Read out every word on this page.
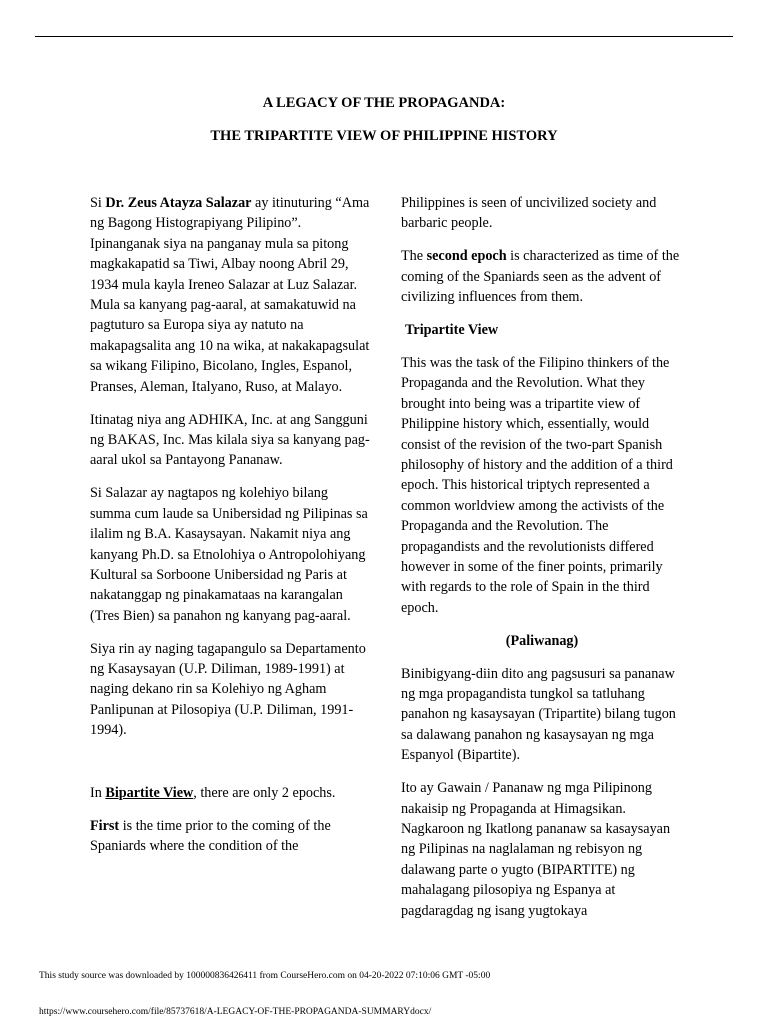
A LEGACY OF THE PROPAGANDA:
THE TRIPARTITE VIEW OF PHILIPPINE HISTORY

Si Dr. Zeus Atayza Salazar ay itinuturing “Ama ng Bagong Histograpiyang Pilipino”. Ipinanganak siya na panganay mula sa pitong magkakapatid sa Tiwi, Albay noong Abril 29, 1934 mula kayla Ireneo Salazar at Luz Salazar. Mula sa kanyang pag-aaral, at samakatuwid na pagtuturo sa Europa siya ay natuto na makapagsalita ang 10 na wika, at nakakapagsulat sa wikang Filipino, Bicolano, Ingles, Espanol, Pranses, Aleman, Italyano, Ruso, at Malayo.

Itinatag niya ang ADHIKA, Inc. at ang Sangguni ng BAKAS, Inc. Mas kilala siya sa kanyang pag-aaral ukol sa Pantayong Pananaw.

Si Salazar ay nagtapos ng kolehiyo bilang summa cum laude sa Unibersidad ng Pilipinas sa ilalim ng B.A. Kasaysayan. Nakamit niya ang kanyang Ph.D. sa Etnolohiya o Antropolohiyang Kultural sa Sorboone Unibersidad ng Paris at nakatanggap ng pinakamataas na karangalan (Tres Bien) sa panahon ng kanyang pag-aaral.

Siya rin ay naging tagapangulo sa Departamento ng Kasaysayan (U.P. Diliman, 1989-1991) at naging dekano rin sa Kolehiyo ng Agham Panlipunan at Pilosopiya (U.P. Diliman, 1991-1994).

In Bipartite View, there are only 2 epochs.

First is the time prior to the coming of the Spaniards where the condition of the

Philippines is seen of uncivilized society and barbaric people.

The second epoch is characterized as time of the coming of the Spaniards seen as the advent of civilizing influences from them.

Tripartite View

This was the task of the Filipino thinkers of the Propaganda and the Revolution. What they brought into being was a tripartite view of Philippine history which, essentially, would consist of the revision of the two-part Spanish philosophy of history and the addition of a third epoch. This historical triptych represented a common worldview among the activists of the Propaganda and the Revolution. The propagandists and the revolutionists differed however in some of the finer points, primarily with regards to the role of Spain in the third epoch.

(Paliwanag)

Binibigyang-diin dito ang pagsusuri sa pananaw ng mga propagandista tungkol sa tatluhang panahon ng kasaysayan (Tripartite) bilang tugon sa dalawang panahon ng kasaysayan ng mga Espanyol (Bipartite).

Ito ay Gawain / Pananaw ng mga Pilipinong nakaisip ng Propaganda at Himagsikan. Nagkaroon ng Ikatlong pananaw sa kasaysayan ng Pilipinas na naglalaman ng rebisyon ng dalawang parte o yugto (BIPARTITE) ng mahalagang pilosopiya ng Espanya at pagdaragdag ng isang yugtokaya

This study source was downloaded by 100000836426411 from CourseHero.com on 04-20-2022 07:10:06 GMT -05:00
https://www.coursehero.com/file/85737618/A-LEGACY-OF-THE-PROPAGANDA-SUMMARYdocx/
